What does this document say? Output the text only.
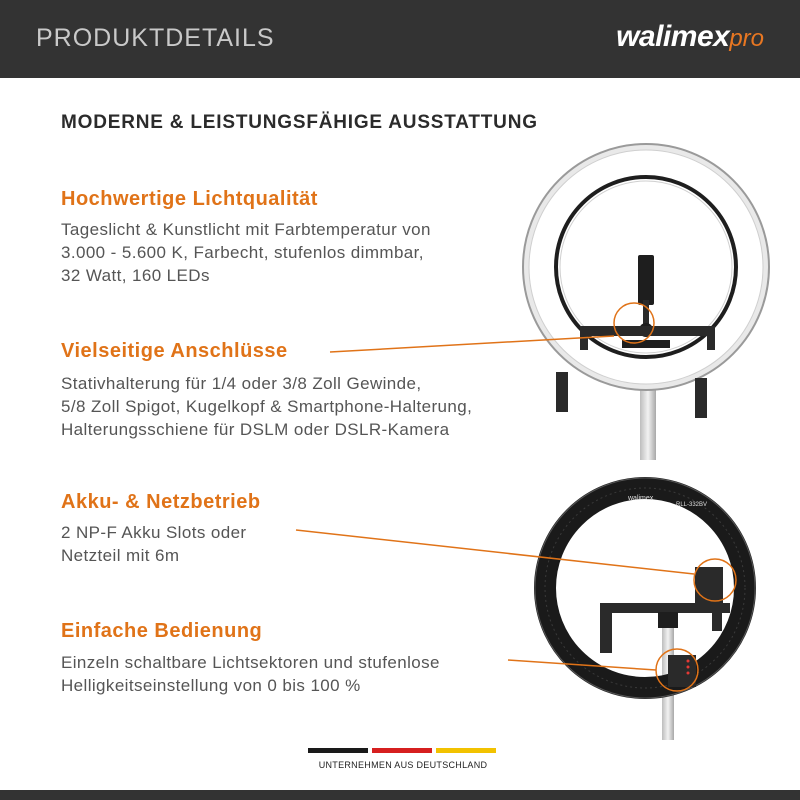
PRODUKTDETAILS	walimexpro
MODERNE & LEISTUNGSFÄHIGE AUSSTATTUNG
Hochwertige Lichtqualität
Tageslicht & Kunstlicht mit Farbtemperatur von
3.000 - 5.600 K, Farbecht, stufenlos dimmbar,
32 Watt, 160 LEDs
Vielseitige Anschlüsse
Stativhalterung für 1/4 oder 3/8 Zoll Gewinde,
5/8 Zoll Spigot, Kugelkopf & Smartphone-Halterung,
Halterungsschiene für DSLM oder DSLR-Kamera
Akku- & Netzbetrieb
2 NP-F Akku Slots oder
Netzteil mit 6m
Einfache Bedienung
Einzeln schaltbare Lichtsektoren und stufenlose
Helligkeitseinstellung von 0 bis 100 %
walimex
RLL-332BV
UNTERNEHMEN AUS DEUTSCHLAND
